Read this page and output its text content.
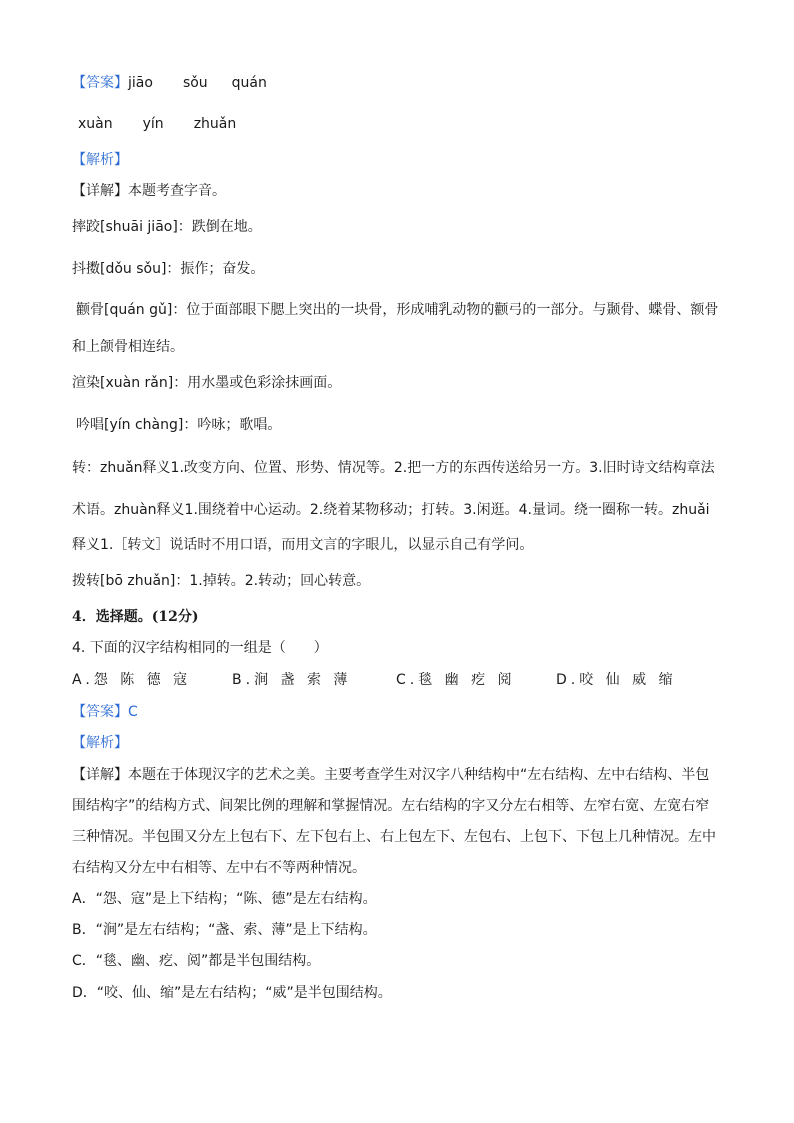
【答案】jiāo sǒu quán
xuàn yín zhuǎn
【解析】
【详解】本题考查字音。
摔跤[shuāi jiāo]：跌倒在地。
抖擞[dǒu sǒu]：振作；奋发。
颧骨[quán gǔ]：位于面部眼下腮上突出的一块骨，形成哺乳动物的颧弓的一部分。与颞骨、蝶骨、额骨
和上颌骨相连结。
渲染[xuàn rǎn]：用水墨或色彩涂抹画面。
吟唱[yín chàng]：吟咏；歌唱。
转：zhuǎn释义1.改变方向、位置、形势、情况等。2.把一方的东西传送给另一方。3.旧时诗文结构章法
术语。zhuàn释义1.围绕着中心运动。2.绕着某物移动；打转。3.闲逛。4.量词。绕一圈称一转。zhuǎi
释义1.［转文］说话时不用口语，而用文言的字眼儿，以显示自己有学问。
拨转[bō zhuǎn]：1.掉转。2.转动；回心转意。
4．选择题。(12分)
4. 下面的汉字结构相同的一组是（　　）
A.怨 陈 德 寇	B.涧 盏 索 薄	C.毯 幽 疙 阅	D.咬 仙 威 缩
【答案】C
【解析】
【详解】本题在于体现汉字的艺术之美。主要考查学生对汉字八种结构中“左右结构、左中右结构、半包
围结构字”的结构方式、间架比例的理解和掌握情况。左右结构的字又分左右相等、左窄右宽、左宽右窄
三种情况。半包围又分左上包右下、左下包右上、右上包左下、左包右、上包下、下包上几种情况。左中
右结构又分左中右相等、左中右不等两种情况。
A．“怨、寇”是上下结构；“陈、德”是左右结构。
B．“涧”是左右结构；“盏、索、薄”是上下结构。
C．“毯、幽、疙、阅”都是半包围结构。
D．“咬、仙、缩”是左右结构；“威”是半包围结构。
